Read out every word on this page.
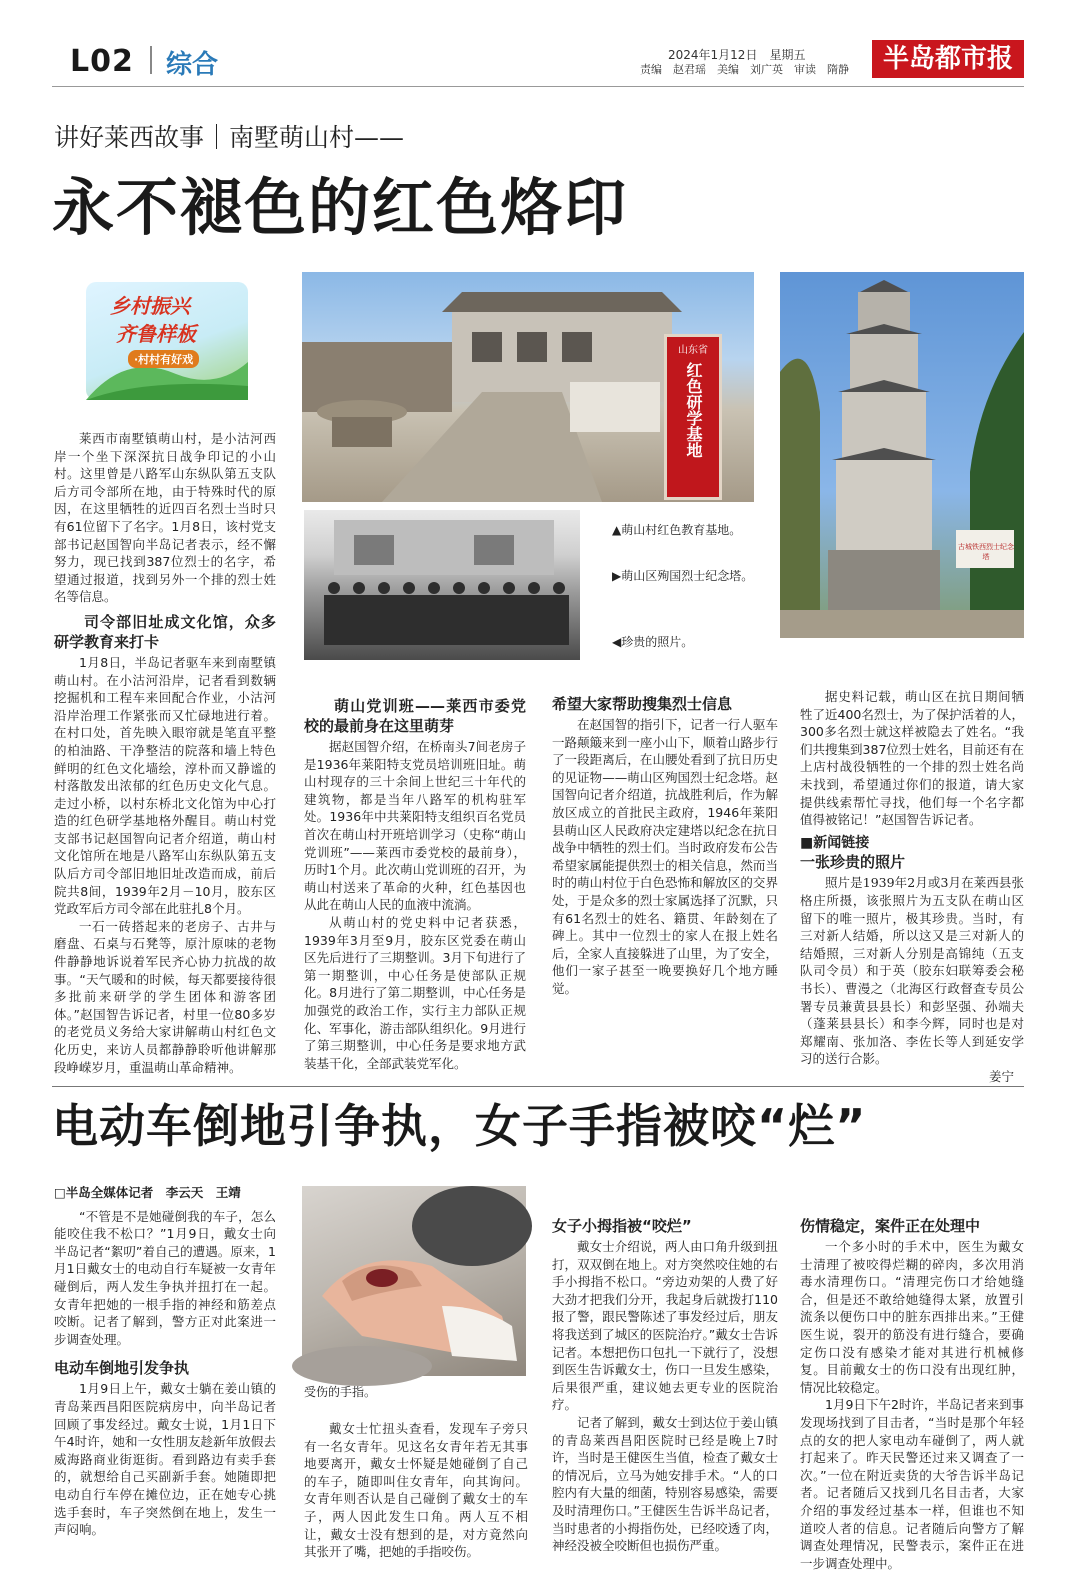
L02 综合	2024年1月12日　星期五
责编　赵君瑶　美编　刘广英　审读　隋静	半岛都市报
讲好莱西故事｜南墅萌山村——
永不褪色的红色烙印
乡村振兴
齐鲁样板
·村村有好戏
山东省
红色研学基地
古城铁西烈士纪念塔
▲萌山村红色教育基地。
▶萌山区殉国烈士纪念塔。
◀珍贵的照片。

莱西市南墅镇萌山村，是小沽河西岸一个坐下深深抗日战争印记的小山村。这里曾是八路军山东纵队第五支队后方司令部所在地，由于特殊时代的原因，在这里牺牲的近四百名烈士当时只有61位留下了名字。1月8日，该村党支部书记赵国智向半岛记者表示，经不懈努力，现已找到387位烈士的名字，希望通过报道，找到另外一个排的烈士姓名等信息。

司令部旧址成文化馆，众多研学教育来打卡

1月8日，半岛记者驱车来到南墅镇萌山村。在小沽河沿岸，记者看到数辆挖掘机和工程车来回配合作业，小沽河沿岸治理工作紧张而又忙碌地进行着。在村口处，首先映入眼帘就是笔直平整的柏油路、干净整洁的院落和墙上特色鲜明的红色文化墙绘，淳朴而又静谧的村落散发出浓郁的红色历史文化气息。走过小桥，以村东桥北文化馆为中心打造的红色研学基地格外醒目。萌山村党支部书记赵国智向记者介绍道，萌山村文化馆所在地是八路军山东纵队第五支队后方司令部旧地旧址改造而成，前后院共8间，1939年2月－10月，胶东区党政军后方司令部在此驻扎8个月。

一石一砖搭起来的老房子、古井与磨盘、石桌与石凳等，原汁原味的老物件静静地诉说着军民齐心协力抗战的故事。“天气暖和的时候，每天都要接待很多批前来研学的学生团体和游客团体。”赵国智告诉记者，村里一位80多岁的老党员义务给大家讲解萌山村红色文化历史，来访人员都静静聆听他讲解那段峥嵘岁月，重温萌山革命精神。

萌山党训班——莱西市委党校的最前身在这里萌芽

据赵国智介绍，在桥南头7间老房子是1936年莱阳特支党员培训班旧址。萌山村现存的三十余间上世纪三十年代的建筑物，都是当年八路军的机构驻军处。1936年中共莱阳特支组织百名党员首次在萌山村开班培训学习（史称“萌山党训班”——莱西市委党校的最前身），历时1个月。此次萌山党训班的召开，为萌山村送来了革命的火种，红色基因也从此在萌山人民的血液中流淌。

从萌山村的党史料中记者获悉，1939年3月至9月，胶东区党委在萌山区先后进行了三期整训。3月下旬进行了第一期整训，中心任务是使部队正规化。8月进行了第二期整训，中心任务是加强党的政治工作，实行主力部队正规化、军事化，游击部队组织化。9月进行了第三期整训，中心任务是要求地方武装基干化，全部武装党军化。

希望大家帮助搜集烈士信息

在赵国智的指引下，记者一行人驱车一路颠簸来到一座小山下，顺着山路步行了一段距离后，在山腰处看到了抗日历史的见证物——萌山区殉国烈士纪念塔。赵国智向记者介绍道，抗战胜利后，作为解放区成立的首批民主政府，1946年莱阳县萌山区人民政府决定建塔以纪念在抗日战争中牺牲的烈士们。当时政府发布公告希望家属能提供烈士的相关信息，然而当时的萌山村位于白色恐怖和解放区的交界处，于是众多的烈士家属选择了沉默，只有61名烈士的姓名、籍贯、年龄刻在了碑上。其中一位烈士的家人在报上姓名后，全家人直接躲进了山里，为了安全，他们一家子甚至一晚要换好几个地方睡觉。

据史料记载，萌山区在抗日期间牺牲了近400名烈士，为了保护活着的人，300多名烈士就这样被隐去了姓名。“我们共搜集到387位烈士姓名，目前还有在上店村战役牺牲的一个排的烈士姓名尚未找到，希望通过你们的报道，请大家提供线索帮忙寻找，他们每一个名字都值得被铭记！”赵国智告诉记者。

■新闻链接
一张珍贵的照片

照片是1939年2月或3月在莱西县张格庄所摄，该张照片为五支队在萌山区留下的唯一照片，极其珍贵。当时，有三对新人结婚，所以这又是三对新人的结婚照，三对新人分别是高锦纯（五支队司令员）和于英（胶东妇联筹委会秘书长）、曹漫之（北海区行政督查专员公署专员兼黄县县长）和彭坚强、孙端夫（蓬莱县县长）和李今辉，同时也是对郑耀南、张加洛、李佐长等人到延安学习的送行合影。

姜宁
电动车倒地引争执，女子手指被咬“烂”
□半岛全媒体记者　李云天　王靖

“不管是不是她碰倒我的车子，怎么能咬住我不松口？”1月9日，戴女士向半岛记者“絮叨”着自己的遭遇。原来，1月1日戴女士的电动自行车疑被一女青年碰倒后，两人发生争执并扭打在一起。女青年把她的一根手指的神经和筋差点咬断。记者了解到，警方正对此案进一步调查处理。

电动车倒地引发争执

1月9日上午，戴女士躺在姜山镇的青岛莱西昌阳医院病房中，向半岛记者回顾了事发经过。戴女士说，1月1日下午4时许，她和一女性朋友趁新年放假去威海路商业街逛街。看到路边有卖手套的，就想给自己买副新手套。她随即把电动自行车停在摊位边，正在她专心挑选手套时，车子突然倒在地上，发生一声闷响。

受伤的手指。

戴女士忙扭头查看，发现车子旁只有一名女青年。见这名女青年若无其事地要离开，戴女士怀疑是她碰倒了自己的车子，随即叫住女青年，向其询问。女青年则否认是自己碰倒了戴女士的车子，两人因此发生口角。两人互不相让，戴女士没有想到的是，对方竟然向其张开了嘴，把她的手指咬伤。

女子小拇指被“咬烂”

戴女士介绍说，两人由口角升级到扭打，双双倒在地上。对方突然咬住她的右手小拇指不松口。“旁边劝架的人费了好大劲才把我们分开，我起身后就拨打110报了警，跟民警陈述了事发经过后，朋友将我送到了城区的医院治疗。”戴女士告诉记者。本想把伤口包扎一下就行了，没想到医生告诉戴女士，伤口一旦发生感染，后果很严重，建议她去更专业的医院治疗。

记者了解到，戴女士到达位于姜山镇的青岛莱西昌阳医院时已经是晚上7时许，当时是王健医生当值，检查了戴女士的情况后，立马为她安排手术。“人的口腔内有大量的细菌，特别容易感染，需要及时清理伤口。”王健医生告诉半岛记者，当时患者的小拇指伤处，已经咬透了肉，神经没被全咬断但也损伤严重。

伤情稳定，案件正在处理中

一个多小时的手术中，医生为戴女士清理了被咬得烂糊的碎肉，多次用消毒水清理伤口。“清理完伤口才给她缝合，但是还不敢给她缝得太紧，放置引流条以便伤口中的脏东西排出来。”王健医生说，裂开的筋没有进行缝合，要确定伤口没有感染才能对其进行机械修复。目前戴女士的伤口没有出现红肿，情况比较稳定。

1月9日下午2时许，半岛记者来到事发现场找到了目击者，“当时是那个年轻点的女的把人家电动车碰倒了，两人就打起来了。昨天民警还过来又调查了一次。”一位在附近卖货的大爷告诉半岛记者。记者随后又找到几名目击者，大家介绍的事发经过基本一样，但谁也不知道咬人者的信息。记者随后向警方了解调查处理情况，民警表示，案件正在进一步调查处理中。
